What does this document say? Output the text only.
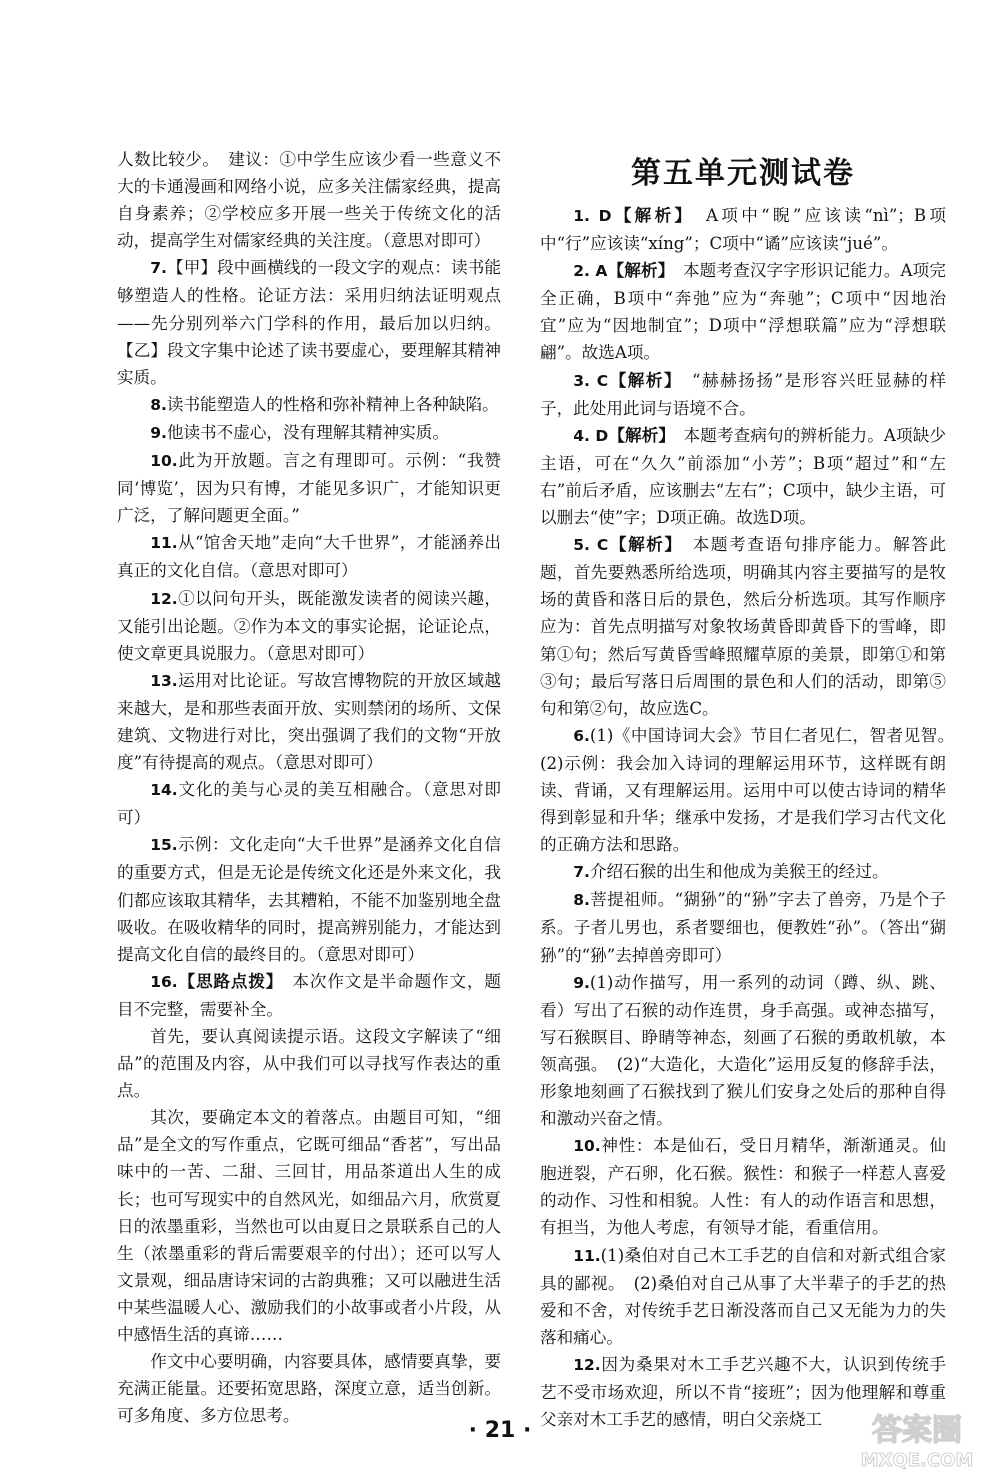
人数比较少。　建议：①中学生应该少看一些意义不大的卡通漫画和网络小说，应多关注儒家经典，提高自身素养；②学校应多开展一些关于传统文化的活动，提高学生对儒家经典的关注度。（意思对即可）

7.【甲】段中画横线的一段文字的观点：读书能够塑造人的性格。论证方法：采用归纳法证明观点——先分别列举六门学科的作用，最后加以归纳。【乙】段文字集中论述了读书要虚心，要理解其精神实质。

8.读书能塑造人的性格和弥补精神上各种缺陷。

9.他读书不虚心，没有理解其精神实质。

10.此为开放题。言之有理即可。示例：“我赞同‘博览’，因为只有博，才能见多识广，才能知识更广泛，了解问题更全面。”

11.从“馆舍天地”走向“大千世界”，才能涵养出真正的文化自信。（意思对即可）

12.①以问句开头，既能激发读者的阅读兴趣，又能引出论题。②作为本文的事实论据，论证论点，使文章更具说服力。（意思对即可）

13.运用对比论证。写故宫博物院的开放区域越来越大，是和那些表面开放、实则禁闭的场所、文保建筑、文物进行对比，突出强调了我们的文物“开放度”有待提高的观点。（意思对即可）

14.文化的美与心灵的美互相融合。（意思对即可）

15.示例：文化走向“大千世界”是涵养文化自信的重要方式，但是无论是传统文化还是外来文化，我们都应该取其精华，去其糟粕，不能不加鉴别地全盘吸收。在吸收精华的同时，提高辨别能力，才能达到提高文化自信的最终目的。（意思对即可）

16.【思路点拨】　本次作文是半命题作文，题目不完整，需要补全。

首先，要认真阅读提示语。这段文字解读了“细品”的范围及内容，从中我们可以寻找写作表达的重点。

其次，要确定本文的着落点。由题目可知，“细品”是全文的写作重点，它既可细品“香茗”，写出品味中的一苦、二甜、三回甘，用品茶道出人生的成长；也可写现实中的自然风光，如细品六月，欣赏夏日的浓墨重彩，当然也可以由夏日之景联系自己的人生（浓墨重彩的背后需要艰辛的付出）；还可以写人文景观，细品唐诗宋词的古韵典雅；又可以融进生活中某些温暖人心、激励我们的小故事或者小片段，从中感悟生活的真谛……

作文中心要明确，内容要具体，感情要真挚，要充满正能量。还要拓宽思路，深度立意，适当创新。可多角度、多方位思考。

第五单元测试卷

1. D【解析】　A项中“睨”应该读“nì”；B项中“行”应该读“xíng”；C项中“谲”应该读“jué”。

2. A【解析】　本题考查汉字字形识记能力。A项完全正确，B项中“奔弛”应为“奔驰”；C项中“因地治宜”应为“因地制宜”；D项中“浮想联篇”应为“浮想联翩”。故选A项。

3. C【解析】　“赫赫扬扬”是形容兴旺显赫的样子，此处用此词与语境不合。

4. D【解析】　本题考查病句的辨析能力。A项缺少主语，可在“久久”前添加“小芳”；B项“超过”和“左右”前后矛盾，应该删去“左右”；C项中，缺少主语，可以删去“使”字；D项正确。故选D项。

5. C【解析】　本题考查语句排序能力。解答此题，首先要熟悉所给选项，明确其内容主要描写的是牧场的黄昏和落日后的景色，然后分析选项。其写作顺序应为：首先点明描写对象牧场黄昏即黄昏下的雪峰，即第①句；然后写黄昏雪峰照耀草原的美景，即第①和第③句；最后写落日后周围的景色和人们的活动，即第⑤句和第②句，故应选C。

6.(1)《中国诗词大会》节目仁者见仁，智者见智。　(2)示例：我会加入诗词的理解运用环节，这样既有朗读、背诵，又有理解运用。运用中可以使古诗词的精华得到彰显和升华；继承中发扬，才是我们学习古代文化的正确方法和思路。

7.介绍石猴的出生和他成为美猴王的经过。

8.菩提祖师。“猢狲”的“狲”字去了兽旁，乃是个子系。子者儿男也，系者婴细也，便教姓“孙”。（答出“猢狲”的“狲”去掉兽旁即可）

9.(1)动作描写，用一系列的动词（蹲、纵、跳、看）写出了石猴的动作连贯，身手高强。或神态描写，写石猴瞑目、睁睛等神态，刻画了石猴的勇敢机敏，本领高强。　(2)“大造化，大造化”运用反复的修辞手法，形象地刻画了石猴找到了猴儿们安身之处后的那种自得和激动兴奋之情。

10.神性：本是仙石，受日月精华，渐渐通灵。仙胞迸裂，产石卵，化石猴。猴性：和猴子一样惹人喜爱的动作、习性和相貌。人性：有人的动作语言和思想，有担当，为他人考虑，有领导才能，看重信用。

11.(1)桑伯对自己木工手艺的自信和对新式组合家具的鄙视。　(2)桑伯对自己从事了大半辈子的手艺的热爱和不舍，对传统手艺日渐没落而自己又无能为力的失落和痛心。

12.因为桑果对木工手艺兴趣不大，认识到传统手艺不受市场欢迎，所以不肯“接班”；因为他理解和尊重父亲对木工手艺的感情，明白父亲烧工

· 21 ·	答案圈
MXQE.COM
